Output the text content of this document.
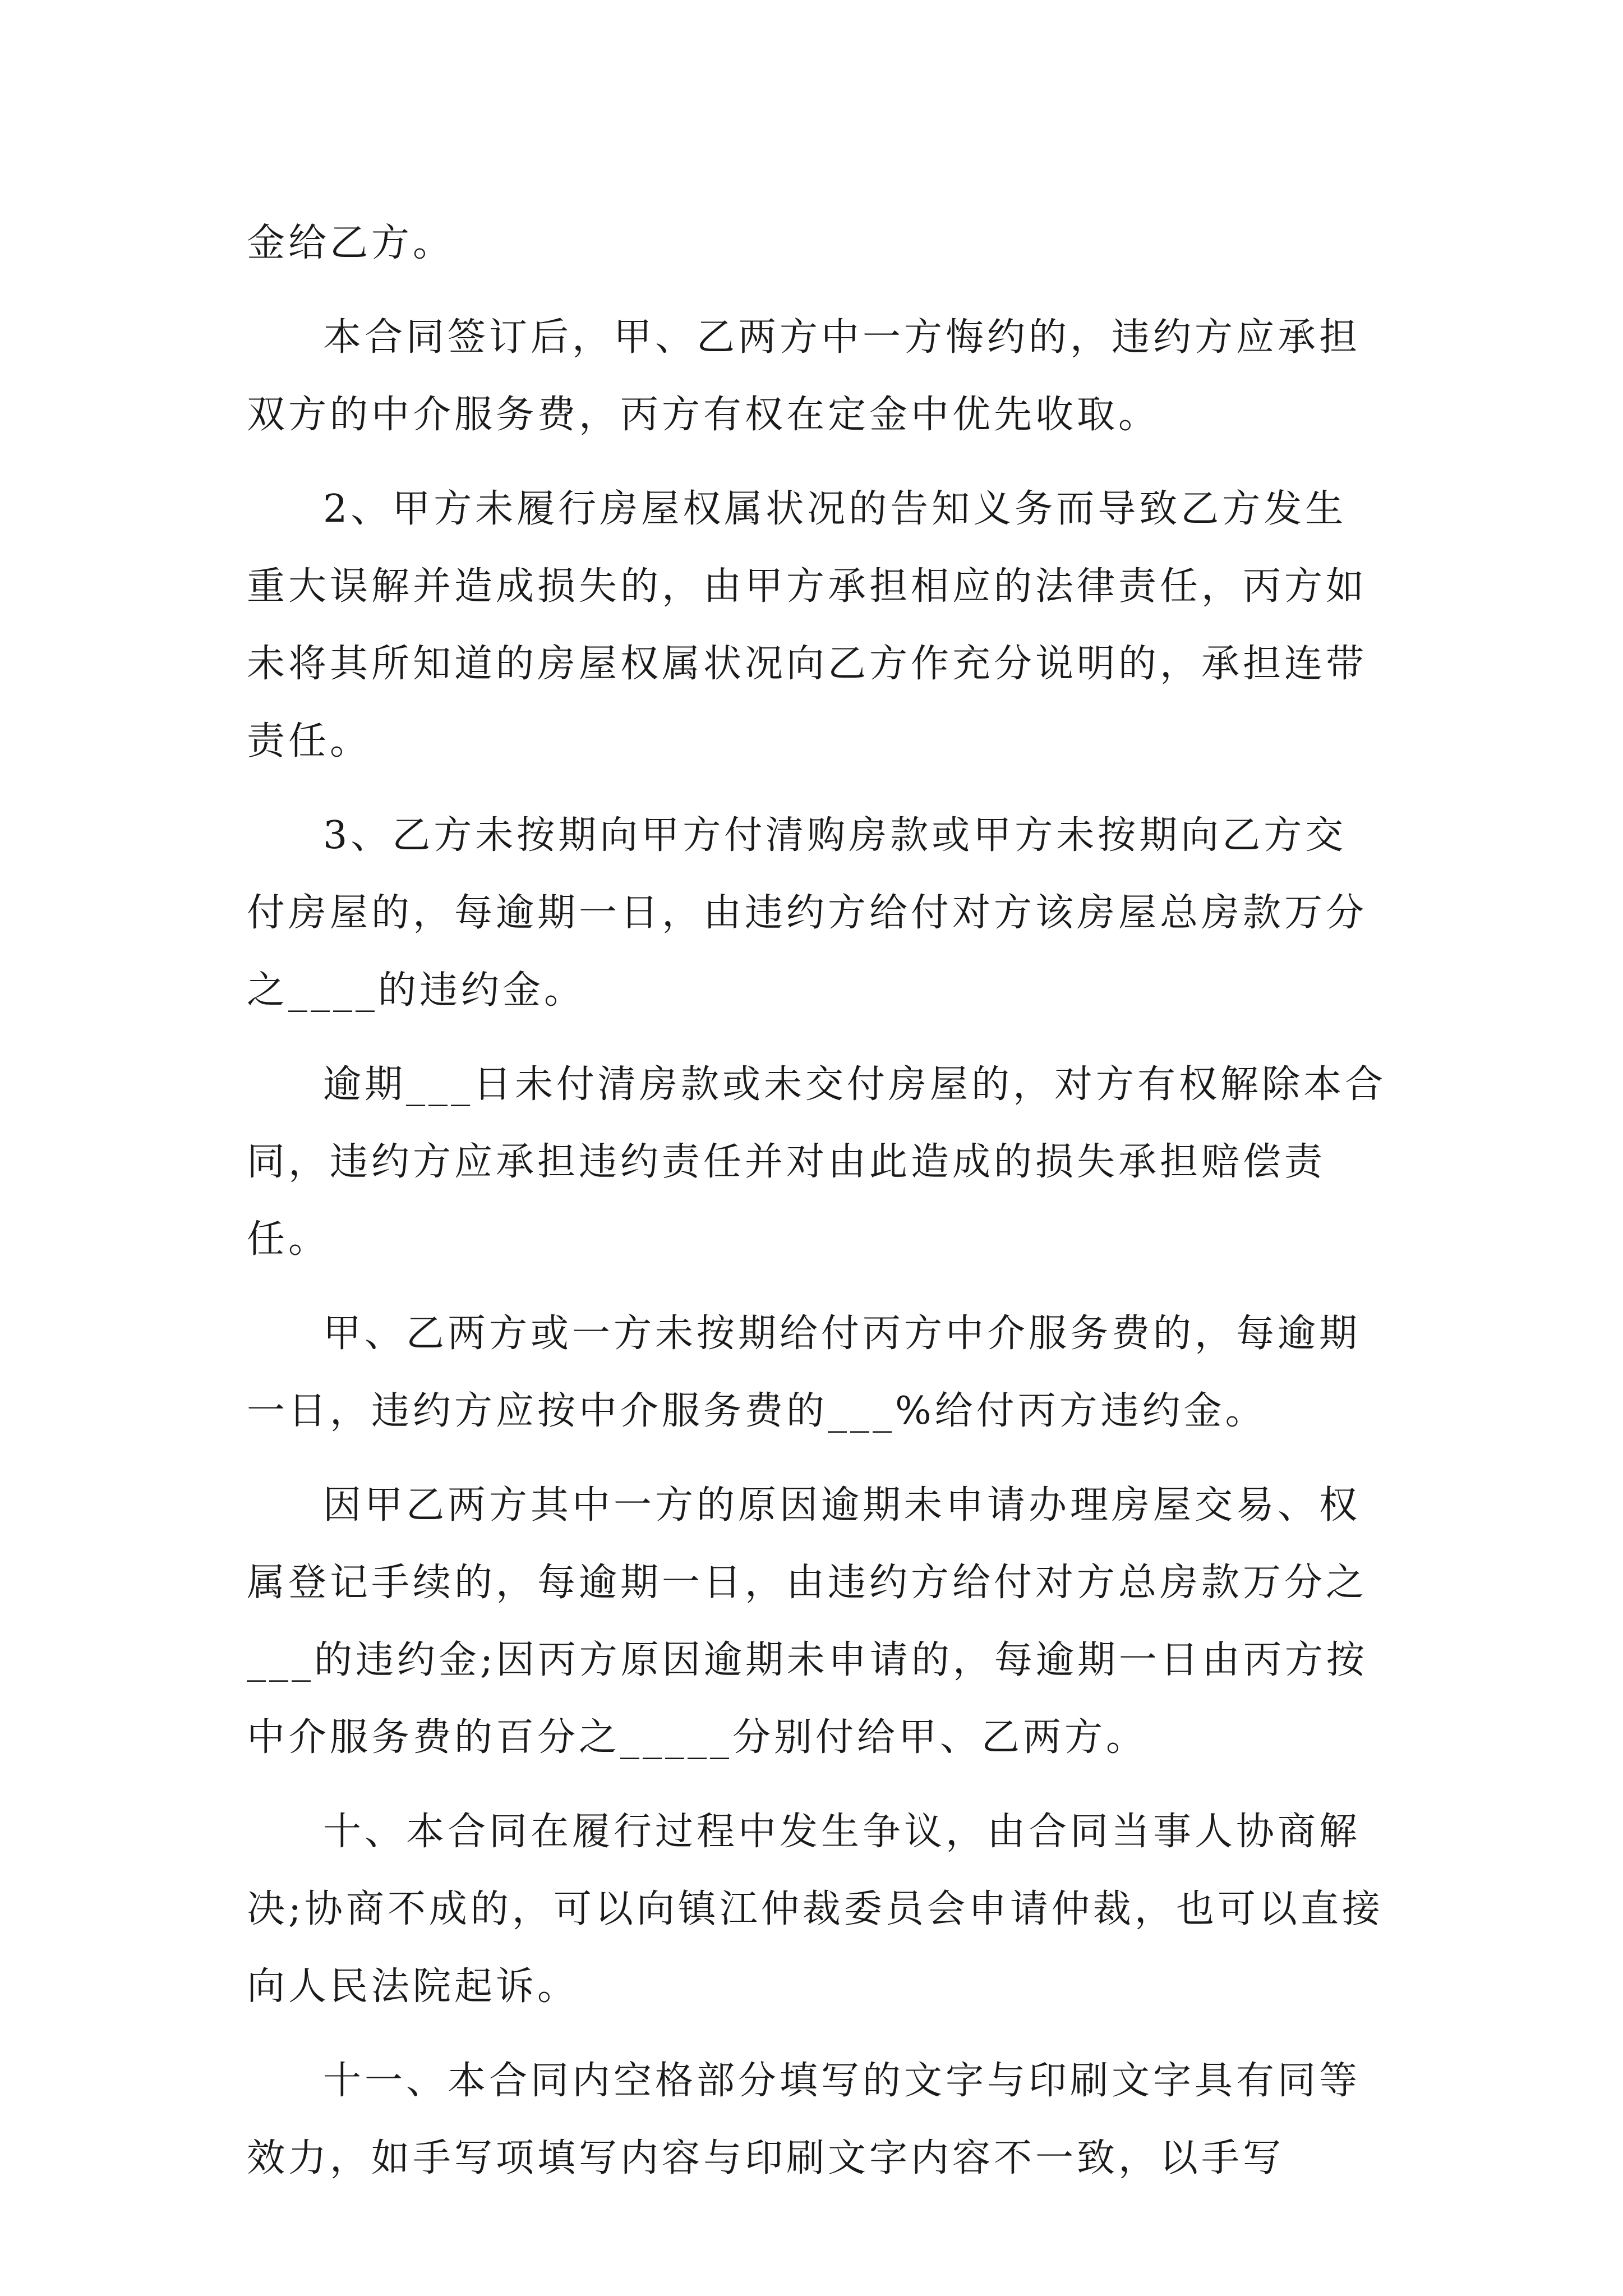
金给乙方。

本合同签订后，甲、乙两方中一方悔约的，违约方应承担双方的中介服务费，丙方有权在定金中优先收取。

2、甲方未履行房屋权属状况的告知义务而导致乙方发生重大误解并造成损失的，由甲方承担相应的法律责任，丙方如未将其所知道的房屋权属状况向乙方作充分说明的，承担连带责任。

3、乙方未按期向甲方付清购房款或甲方未按期向乙方交付房屋的，每逾期一日，由违约方给付对方该房屋总房款万分之____的违约金。

逾期___日未付清房款或未交付房屋的，对方有权解除本合同，违约方应承担违约责任并对由此造成的损失承担赔偿责任。

甲、乙两方或一方未按期给付丙方中介服务费的，每逾期一日，违约方应按中介服务费的___%给付丙方违约金。

因甲乙两方其中一方的原因逾期未申请办理房屋交易、权属登记手续的，每逾期一日，由违约方给付对方总房款万分之___的违约金;因丙方原因逾期未申请的，每逾期一日由丙方按中介服务费的百分之_____分别付给甲、乙两方。

十、本合同在履行过程中发生争议，由合同当事人协商解决;协商不成的，可以向镇江仲裁委员会申请仲裁，也可以直接向人民法院起诉。

十一、本合同内空格部分填写的文字与印刷文字具有同等效力，如手写项填写内容与印刷文字内容不一致，以手写
